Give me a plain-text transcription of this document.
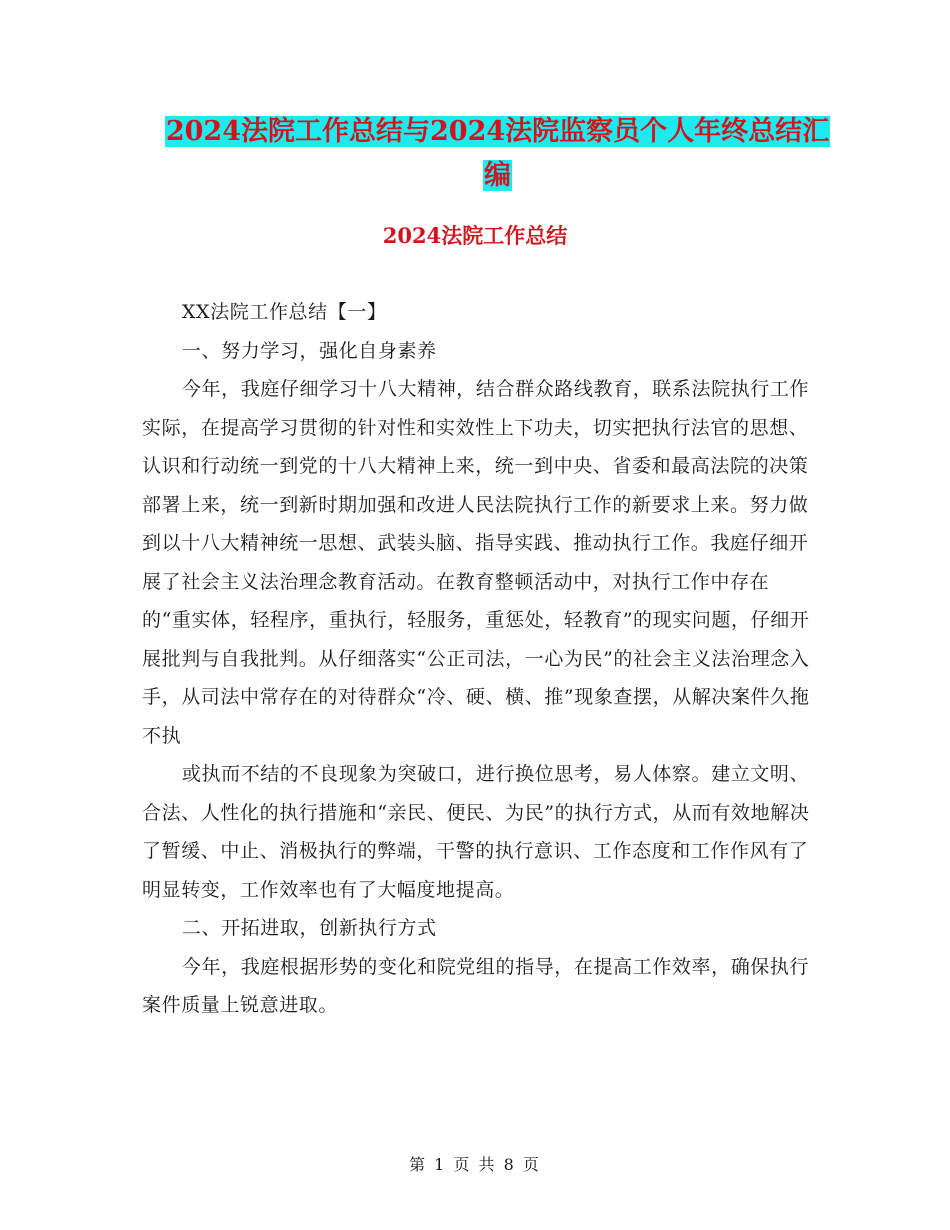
2024法院工作总结与2024法院监察员个人年终总结汇
编
2024法院工作总结

XX法院工作总结【一】

一、努力学习，强化自身素养

今年，我庭仔细学习十八大精神，结合群众路线教育，联系法院执行工作实际，在提高学习贯彻的针对性和实效性上下功夫，切实把执行法官的思想、认识和行动统一到党的十八大精神上来，统一到中央、省委和最高法院的决策部署上来，统一到新时期加强和改进人民法院执行工作的新要求上来。努力做到以十八大精神统一思想、武装头脑、指导实践、推动执行工作。我庭仔细开展了社会主义法治理念教育活动。在教育整顿活动中，对执行工作中存在的“重实体，轻程序，重执行，轻服务，重惩处，轻教育”的现实问题，仔细开展批判与自我批判。从仔细落实“公正司法，一心为民”的社会主义法治理念入手，从司法中常存在的对待群众“冷、硬、横、推”现象查摆，从解决案件久拖不执

或执而不结的不良现象为突破口，进行换位思考，易人体察。建立文明、合法、人性化的执行措施和“亲民、便民、为民”的执行方式，从而有效地解决了暂缓、中止、消极执行的弊端，干警的执行意识、工作态度和工作作风有了明显转变，工作效率也有了大幅度地提高。

二、开拓进取，创新执行方式

今年，我庭根据形势的变化和院党组的指导，在提高工作效率，确保执行案件质量上锐意进取。

第 1 页 共 8 页
